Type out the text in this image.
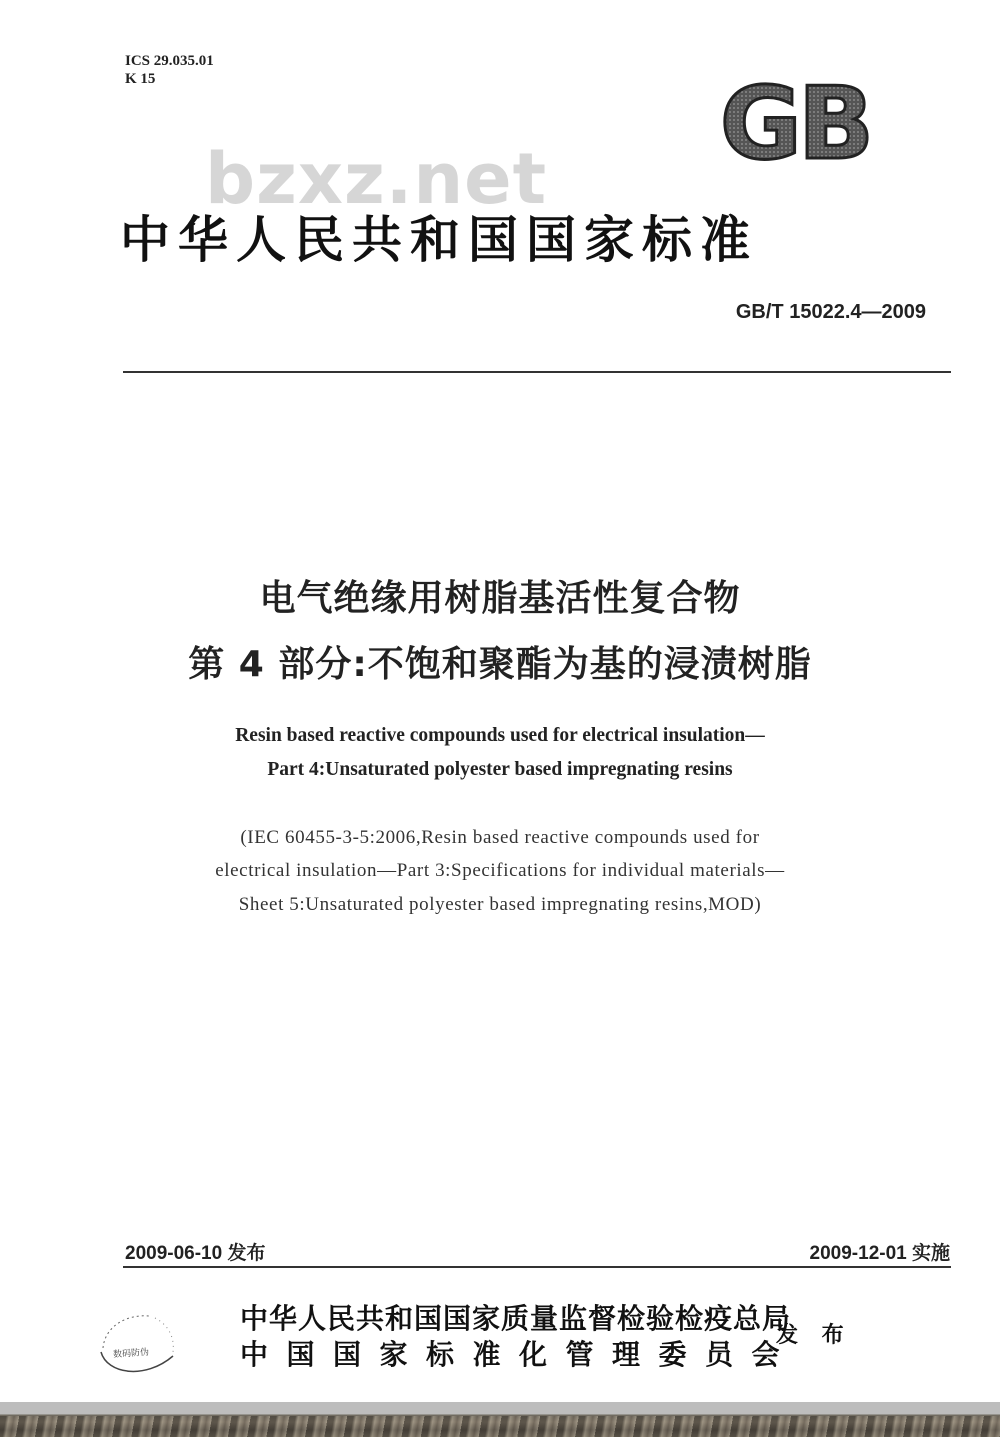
ICS 29.035.01
K 15	GB
bzxz.net
中华人民共和国国家标准
GB/T 15022.4—2009
电气绝缘用树脂基活性复合物
第 4 部分:不饱和聚酯为基的浸渍树脂
Resin based reactive compounds used for electrical insulation—
Part 4:Unsaturated polyester based impregnating resins
(IEC 60455-3-5:2006,Resin based reactive compounds used for
electrical insulation—Part 3:Specifications for individual materials—
Sheet 5:Unsaturated polyester based impregnating resins,MOD)
2009-06-10 发布	2009-12-01 实施
数码防伪
中华人民共和国国家质量监督检验检疫总局
中国国家标准化管理委员会
发 布
